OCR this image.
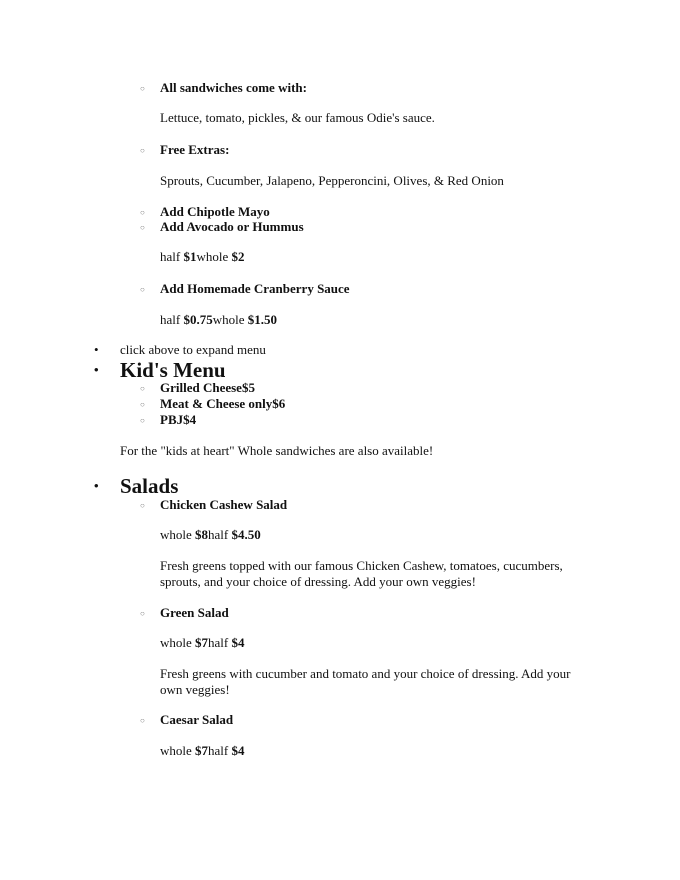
○ All sandwiches come with:
Lettuce, tomato, pickles, & our famous Odie's sauce.
○ Free Extras:
Sprouts, Cucumber, Jalapeno, Pepperoncini, Olives, & Red Onion
○ Add Chipotle Mayo
○ Add Avocado or Hummus
half $1whole $2
○ Add Homemade Cranberry Sauce
half $0.75whole $1.50
• click above to expand menu
• Kid's Menu
○ Grilled Cheese$5
○ Meat & Cheese only$6
○ PBJ$4
For the "kids at heart" Whole sandwiches are also available!
• Salads
○ Chicken Cashew Salad
whole $8half $4.50
Fresh greens topped with our famous Chicken Cashew, tomatoes, cucumbers,
sprouts, and your choice of dressing. Add your own veggies!
○ Green Salad
whole $7half $4
Fresh greens with cucumber and tomato and your choice of dressing. Add your
own veggies!
○ Caesar Salad
whole $7half $4
